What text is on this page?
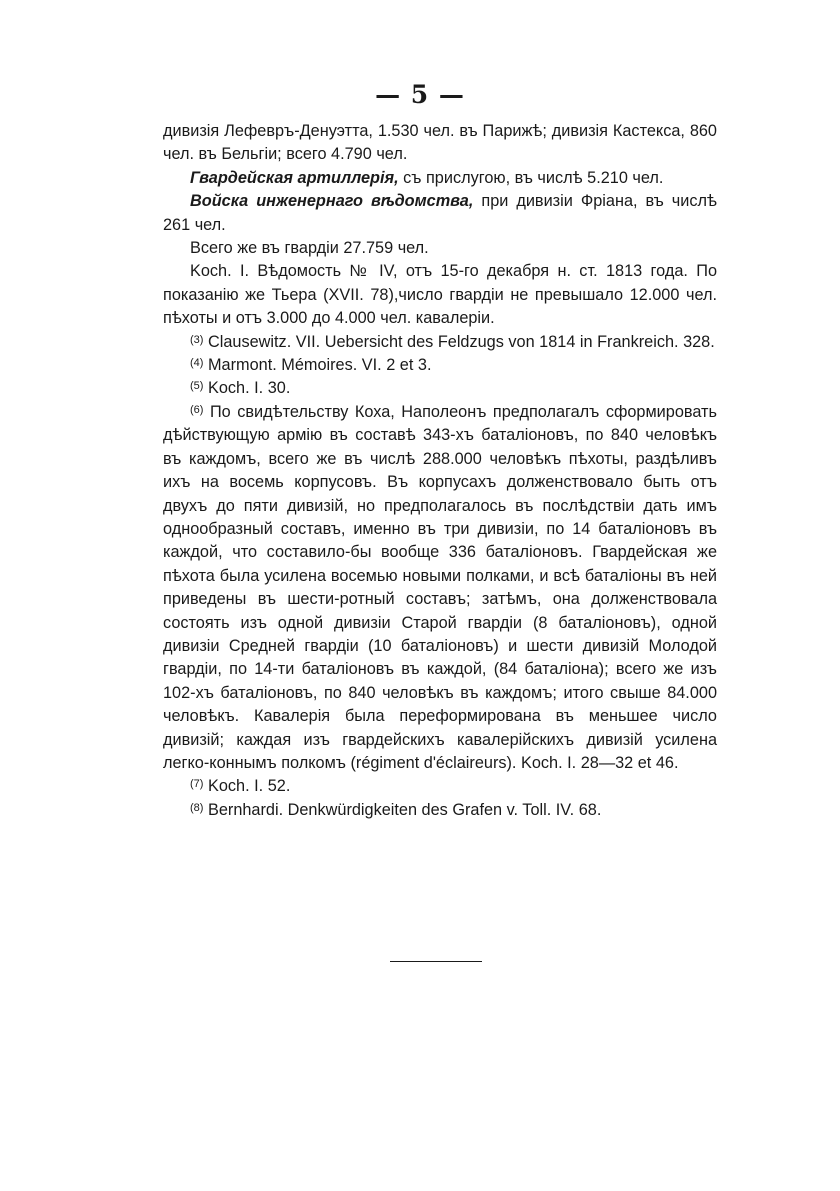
— 5 —

дивизія Лефевръ-Денуэтта, 1.530 чел. въ Парижѣ; дивизія Кастекса, 860 чел. въ Бельгіи; всего 4.790 чел.

Гвардейская артиллерія, съ прислугою, въ числѣ 5.210 чел.

Войска инженернаго вѣдомства, при дивизіи Фріана, въ числѣ 261 чел.

Всего же въ гвардіи 27.759 чел.

Koch. I. Вѣдомость № IV, отъ 15-го декабря н. ст. 1813 года. По показанію же Тьера (XVII. 78),число гвардіи не превышало 12.000 чел. пѣхоты и отъ 3.000 до 4.000 чел. кавалеріи.

$^{(3)}$ Clausewitz. VII. Uebersicht des Feldzugs von 1814 in Frankreich. 328.

$^{(4)}$ Marmont. Mémoires. VI. 2 et 3.

$^{(5)}$ Koch. I. 30.

$^{(6)}$ По свидѣтельству Коха, Наполеонъ предполагалъ сформировать дѣйствующую армію въ составѣ 343-хъ баталіоновъ, по 840 человѣкъ въ каждомъ, всего же въ числѣ 288.000 человѣкъ пѣхоты, раздѣливъ ихъ на восемь корпусовъ. Въ корпусахъ долженствовало быть отъ двухъ до пяти дивизій, но предполагалось въ послѣдствіи дать имъ однообразный составъ, именно въ три дивизіи, по 14 баталіоновъ въ каждой, что составило-бы вообще 336 баталіоновъ. Гвардейская же пѣхота была усилена восемью новыми полками, и всѣ баталіоны въ ней приведены въ шести-ротный составъ; затѣмъ, она долженствовала состоять изъ одной дивизіи Старой гвардіи (8 баталіоновъ), одной дивизіи Средней гвардіи (10 баталіоновъ) и шести дивизій Молодой гвардіи, по 14-ти баталіоновъ въ каждой, (84 баталіона); всего же изъ 102-хъ баталіоновъ, по 840 человѣкъ въ каждомъ; итого свыше 84.000 человѣкъ. Кавалерія была переформирована въ меньшее число дивизій; каждая изъ гвардейскихъ кавалерійскихъ дивизій усилена легко-коннымъ полкомъ (régiment d'éclaireurs). Koch. I. 28—32 et 46.

$^{(7)}$ Koch. I. 52.

$^{(8)}$ Bernhardi. Denkwürdigkeiten des Grafen v. Toll. IV. 68.
